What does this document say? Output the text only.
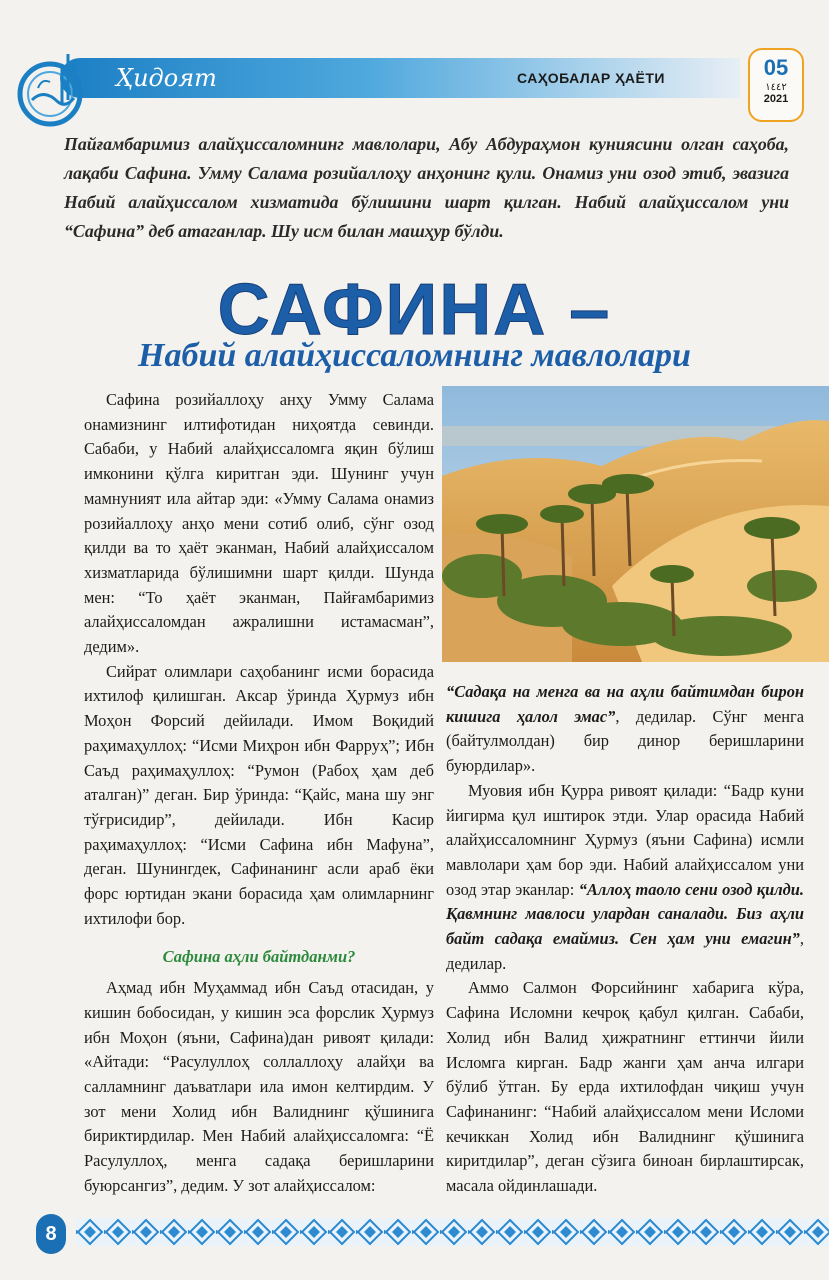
Ҳидоят	САҲОБАЛАР ҲАЁТИ	05
١٤٤٢
2021

Пайғамбаримиз алайҳиссаломнинг мавлолари, Абу Абдураҳмон куниясини олган саҳоба, лақаби Сафина. Умму Салама розийаллоҳу анҳонинг қули. Онамиз уни озод этиб, эвазига Набий алайҳиссалом хизматида бўлишини шарт қилган. Набий алайҳиссалом уни “Сафина” деб атаганлар. Шу исм билан машҳур бўлди.

САФИНА –
Набий алайҳиссаломнинг мавлолари

Сафина розийаллоҳу анҳу Умму Салама онамизнинг илтифотидан ниҳоятда севинди. Сабаби, у Набий алайҳиссаломга яқин бўлиш имконини қўлга киритган эди. Шунинг учун мамнуният ила айтар эди: «Умму Салама онамиз розийаллоҳу анҳо мени сотиб олиб, сўнг озод қилди ва то ҳаёт эканман, Набий алайҳиссалом хизматларида бўлишимни шарт қилди. Шунда мен: “То ҳаёт эканман, Пайғамбаримиз алайҳиссаломдан ажралишни истамасман”, дедим».

Сийрат олимлари саҳобанинг исми борасида ихтилоф қилишган. Аксар ўринда Ҳурмуз ибн Моҳон Форсий дейилади. Имом Воқидий раҳимаҳуллоҳ: “Исми Миҳрон ибн Фарруҳ”; Ибн Саъд раҳимаҳуллоҳ: “Румон (Рабоҳ ҳам деб аталган)” деган. Бир ўринда: “Қайс, мана шу энг тўғрисидир”, дейилади. Ибн Касир раҳимаҳуллоҳ: “Исми Сафина ибн Мафуна”, деган. Шунингдек, Сафинанинг асли араб ёки форс юртидан экани борасида ҳам олимларнинг ихтилофи бор.

Сафина аҳли байтданми?

Аҳмад ибн Муҳаммад ибн Саъд отасидан, у кишин бобосидан, у кишин эса форслик Ҳурмуз ибн Моҳон (яъни, Сафина)дан ривоят қилади: «Айтади: “Расулуллоҳ соллаллоҳу алайҳи ва салламнинг даъватлари ила имон келтирдим. У зот мени Холид ибн Валиднинг қўшинига бириктирдилар. Мен Набий алайҳиссаломга: “Ё Расулуллоҳ, менга садақа беришларини буюрсангиз”, дедим. У зот алайҳиссалом:

“Садақа на менга ва на аҳли байтимдан бирон кишига ҳалол эмас”, дедилар. Сўнг менга (байтулмолдан) бир динор беришларини буюрдилар».

Муовия ибн Қурра ривоят қилади: “Бадр куни йигирма қул иштирок этди. Улар орасида Набий алайҳиссаломнинг Ҳурмуз (яъни Сафина) исмли мавлолари ҳам бор эди. Набий алайҳиссалом уни озод этар эканлар: “Аллоҳ таоло сени озод қилди. Қавмнинг мавлоси улардан саналади. Биз аҳли байт садақа емаймиз. Сен ҳам уни емагин”, дедилар.

Аммо Салмон Форсийнинг хабарига кўра, Сафина Исломни кечроқ қабул қилган. Сабаби, Холид ибн Валид ҳижратнинг еттинчи йили Исломга кирган. Бадр жанги ҳам анча илгари бўлиб ўтган. Бу ерда ихтилофдан чиқиш учун Сафинанинг: “Набий алайҳиссалом мени Исломи кечиккан Холид ибн Валиднинг қўшинига киритдилар”, деган сўзига биноан бирлаштирсак, масала ойдинлашади.

8
